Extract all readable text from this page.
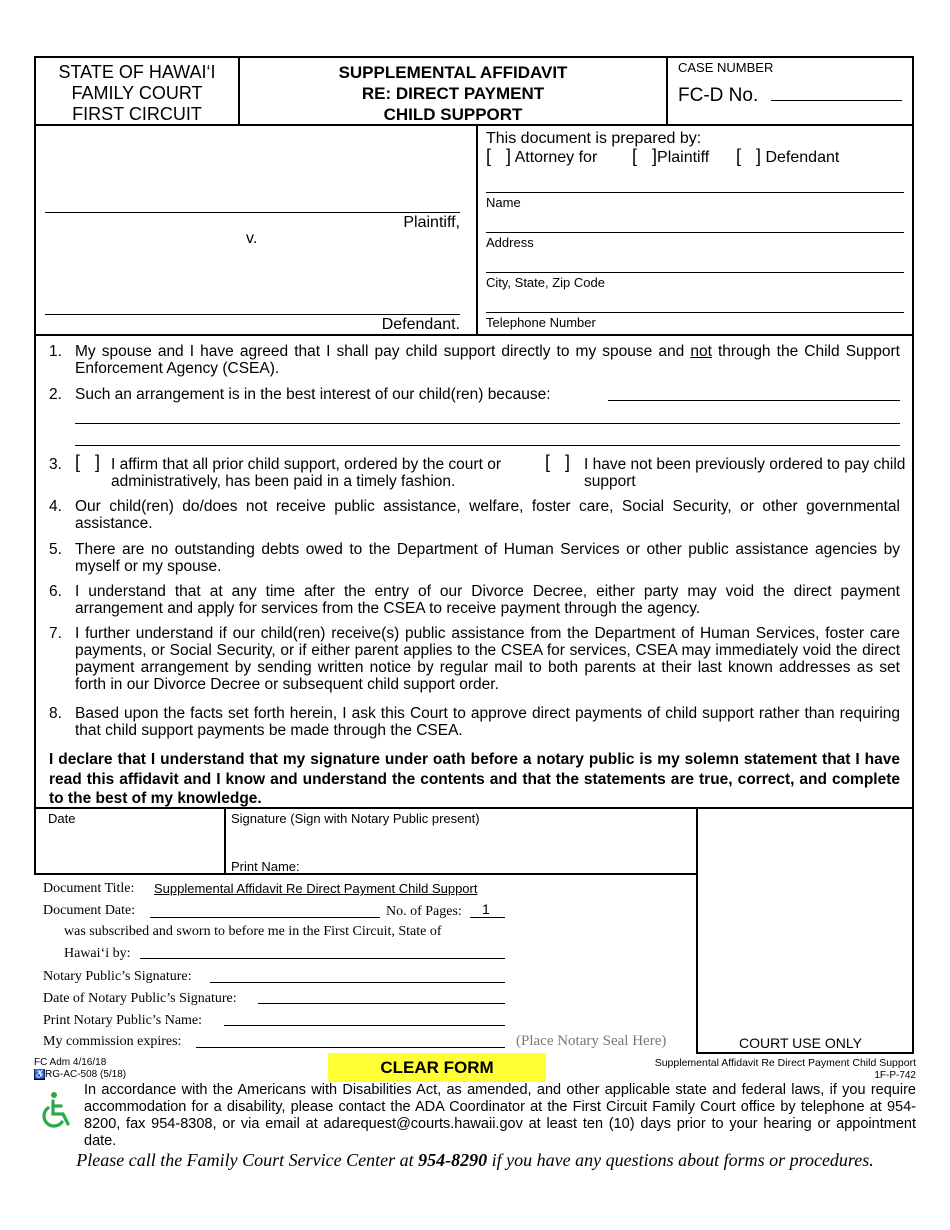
STATE OF HAWAI‘I
FAMILY COURT
FIRST CIRCUIT
SUPPLEMENTAL AFFIDAVIT
RE: DIRECT PAYMENT
CHILD SUPPORT
CASE NUMBER
FC-D No.
Plaintiff,
v.
Defendant.
This document is prepared by:
[   ] Attorney for [   ]Plaintiff [   ] Defendant
Name
Address
City, State, Zip Code
Telephone Number
1. My spouse and I have agreed that I shall pay child support directly to my spouse and not through the Child Support Enforcement Agency (CSEA).
2. Such an arrangement is in the best interest of our child(ren) because:
3. [   ] I affirm that all prior child support, ordered by the court or administratively, has been paid in a timely fashion.
[   ] I have not been previously ordered to pay child support
4. Our child(ren) do/does not receive public assistance, welfare, foster care, Social Security, or other governmental assistance.
5. There are no outstanding debts owed to the Department of Human Services or other public assistance agencies by myself or my spouse.
6. I understand that at any time after the entry of our Divorce Decree, either party may void the direct payment arrangement and apply for services from the CSEA to receive payment through the agency.
7. I further understand if our child(ren) receive(s) public assistance from the Department of Human Services, foster care payments, or Social Security, or if either parent applies to the CSEA for services, CSEA may immediately void the direct payment arrangement by sending written notice by regular mail to both parents at their last known addresses as set forth in our Divorce Decree or subsequent child support order.
8. Based upon the facts set forth herein, I ask this Court to approve direct payments of child support rather than requiring that child support payments be made through the CSEA.
I declare that I understand that my signature under oath before a notary public is my solemn statement that I have read this affidavit and I know and understand the contents and that the statements are true, correct, and complete to the best of my knowledge.
Date	Signature (Sign with Notary Public present)
Print Name:
Document Title: Supplemental Affidavit Re Direct Payment Child Support
Document Date:	No. of Pages: 1
was subscribed and sworn to before me in the First Circuit, State of
Hawai‘i by:
Notary Public’s Signature:
Date of Notary Public’s Signature:
Print Notary Public’s Name:
My commission expires:	(Place Notary Seal Here)	COURT USE ONLY
FC Adm 4/16/18
♿RG-AC-508 (5/18)	CLEAR FORM	Supplemental Affidavit Re Direct Payment Child Support
1F-P-742
In accordance with the Americans with Disabilities Act, as amended, and other applicable state and federal laws, if you require accommodation for a disability, please contact the ADA Coordinator at the First Circuit Family Court office by telephone at 954-8200, fax 954-8308, or via email at adarequest@courts.hawaii.gov at least ten (10) days prior to your hearing or appointment date.
Please call the Family Court Service Center at 954-8290 if you have any questions about forms or procedures.
